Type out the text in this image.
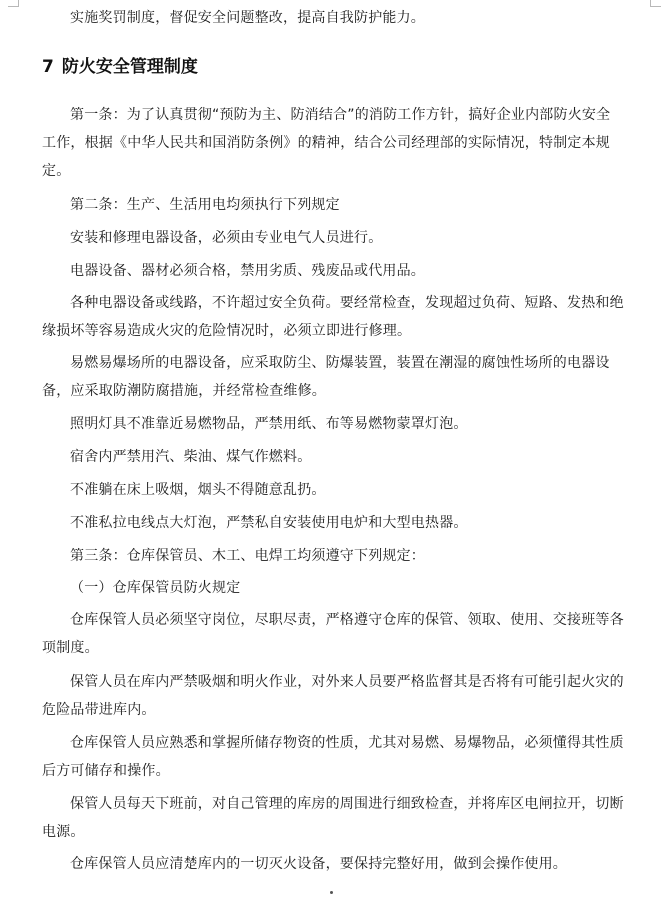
实施奖罚制度，督促安全问题整改，提高自我防护能力。

7 防火安全管理制度

第一条：为了认真贯彻“预防为主、防消结合”的消防工作方针，搞好企业内部防火安全工作，根据《中华人民共和国消防条例》的精神，结合公司经理部的实际情况，特制定本规定。

第二条：生产、生活用电均须执行下列规定

安装和修理电器设备，必须由专业电气人员进行。

电器设备、器材必须合格，禁用劣质、残废品或代用品。

各种电器设备或线路，不许超过安全负荷。要经常检查，发现超过负荷、短路、发热和绝缘损坏等容易造成火灾的危险情况时，必须立即进行修理。

易燃易爆场所的电器设备，应采取防尘、防爆装置，装置在潮湿的腐蚀性场所的电器设备，应采取防潮防腐措施，并经常检查维修。

照明灯具不准靠近易燃物品，严禁用纸、布等易燃物蒙罩灯泡。

宿舍内严禁用汽、柴油、煤气作燃料。

不准躺在床上吸烟，烟头不得随意乱扔。

不准私拉电线点大灯泡，严禁私自安装使用电炉和大型电热器。

第三条：仓库保管员、木工、电焊工均须遵守下列规定：

（一）仓库保管员防火规定

仓库保管人员必须坚守岗位，尽职尽责，严格遵守仓库的保管、领取、使用、交接班等各项制度。

保管人员在库内严禁吸烟和明火作业，对外来人员要严格监督其是否将有可能引起火灾的危险品带进库内。

仓库保管人员应熟悉和掌握所储存物资的性质，尤其对易燃、易爆物品，必须懂得其性质后方可储存和操作。

保管人员每天下班前，对自己管理的库房的周围进行细致检查，并将库区电闸拉开，切断电源。

仓库保管人员应清楚库内的一切灭火设备，要保持完整好用，做到会操作使用。
